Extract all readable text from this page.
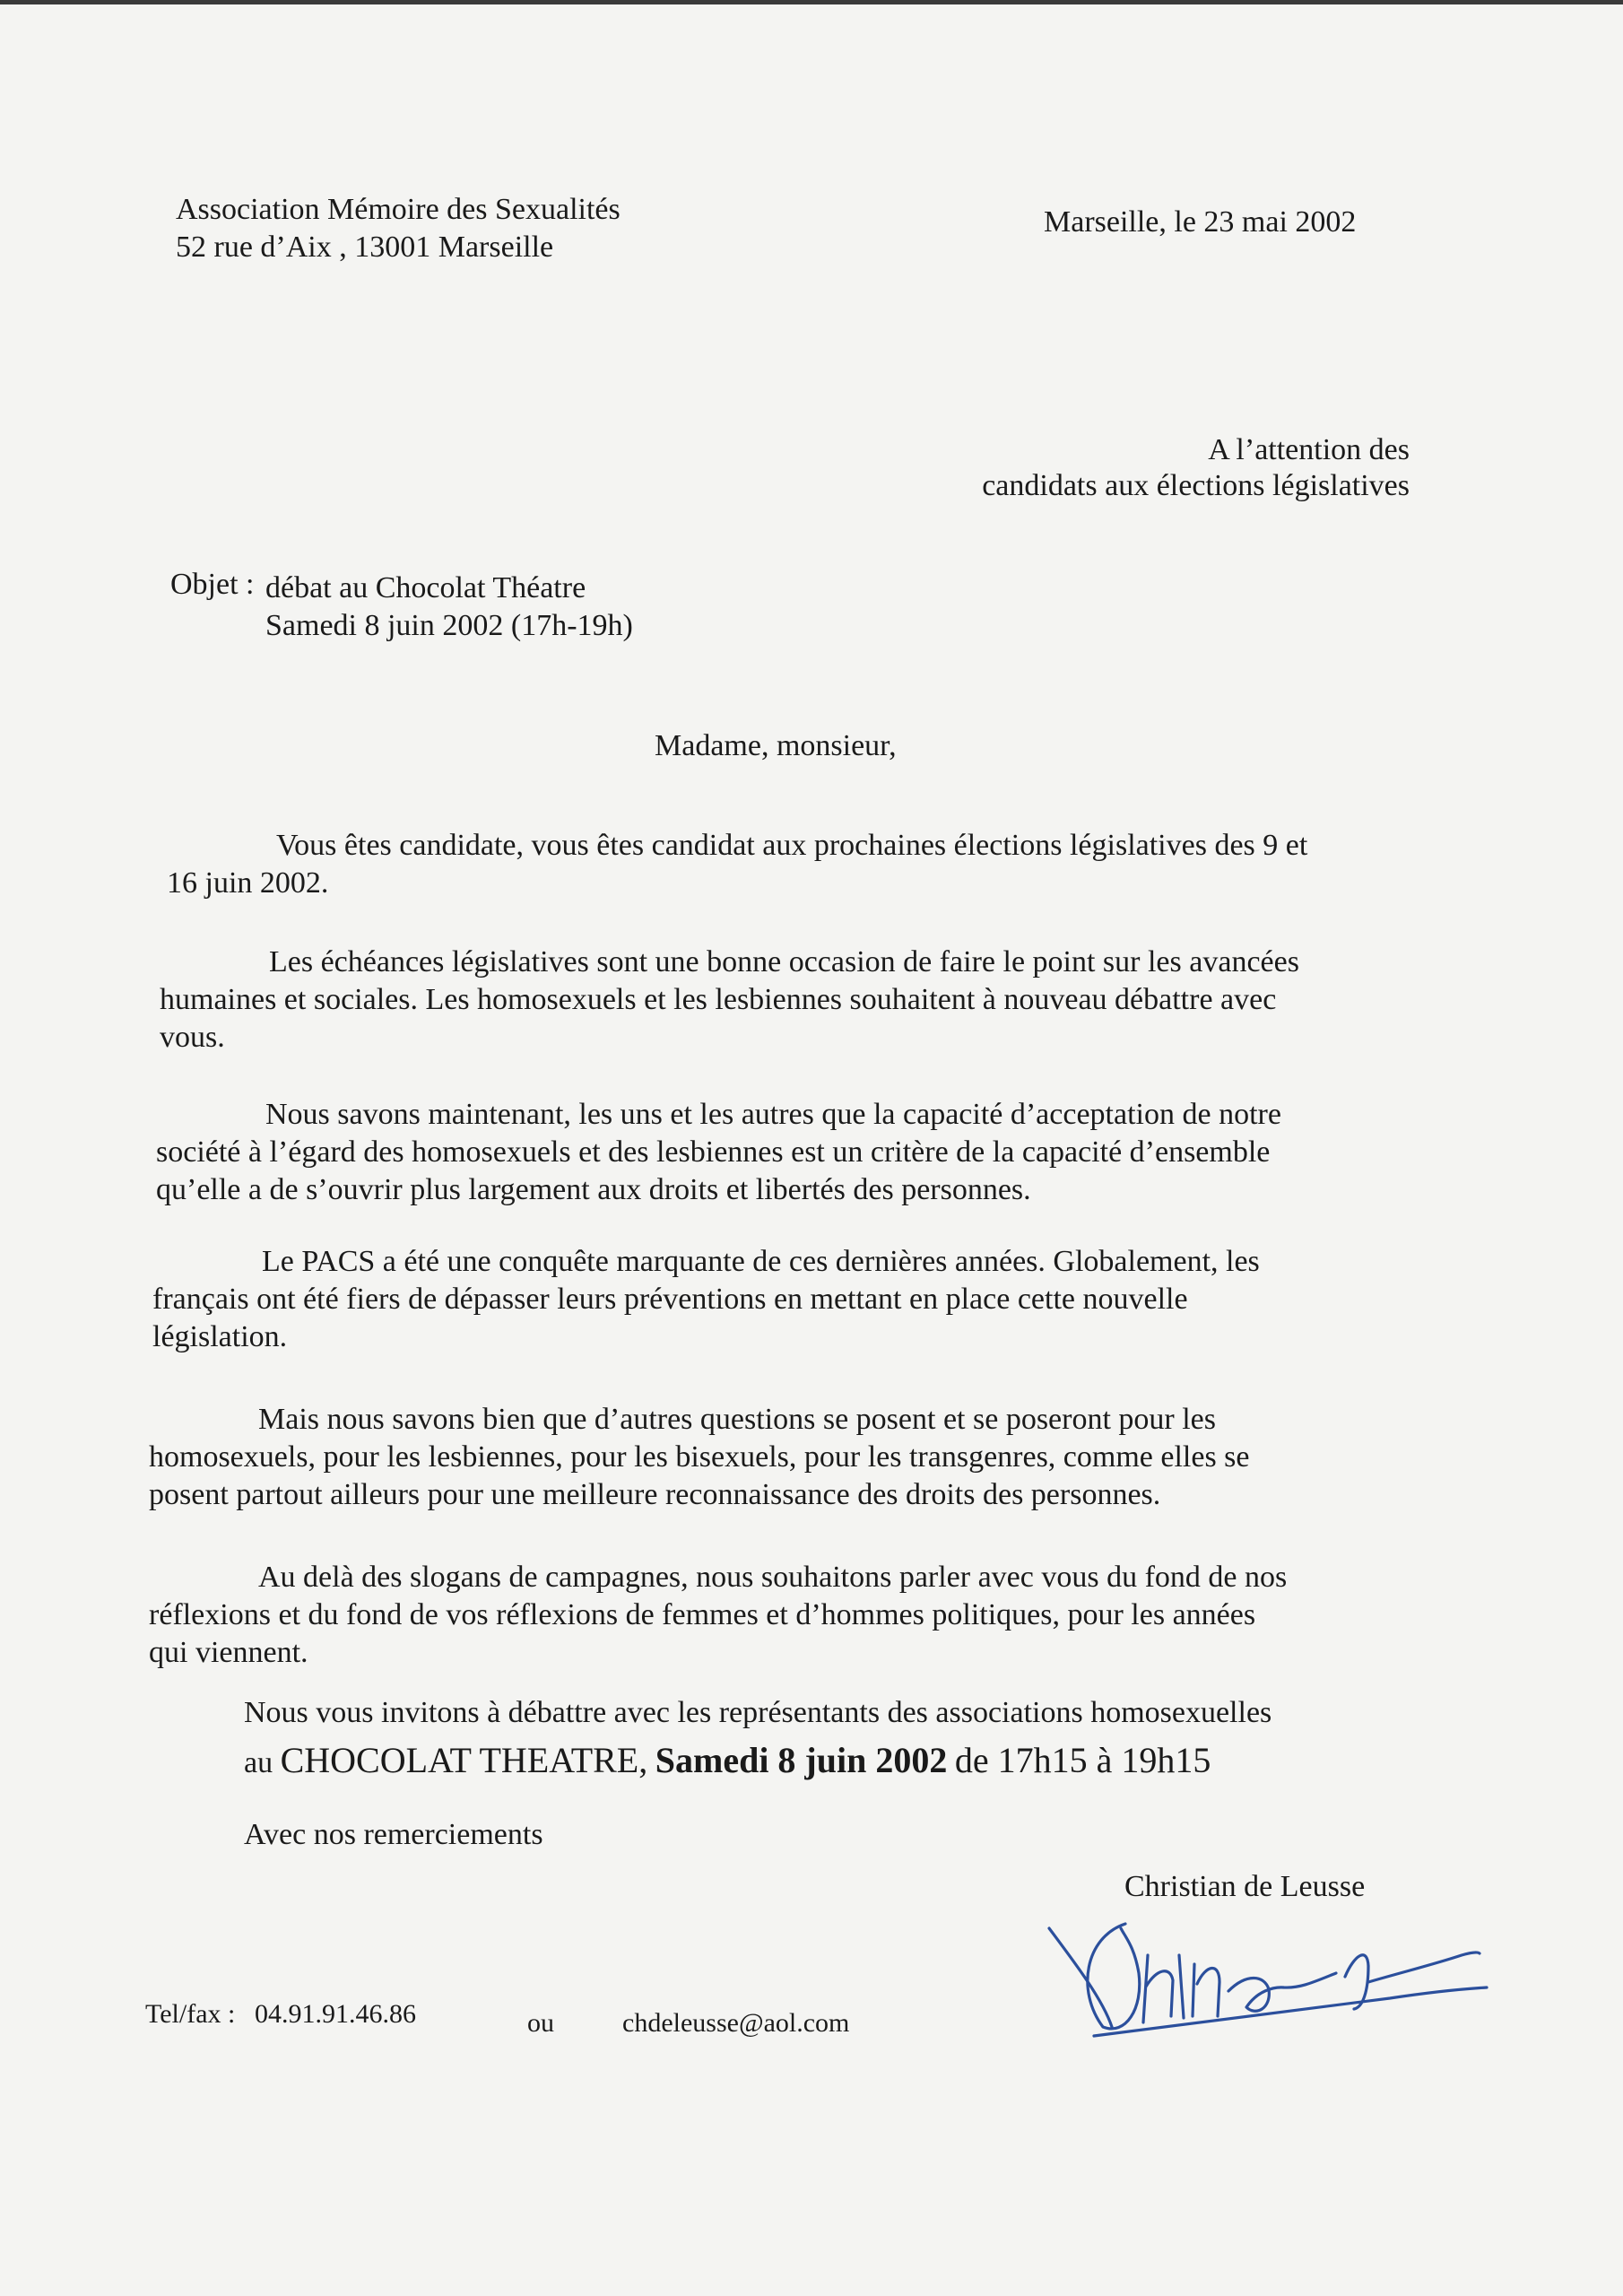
Association Mémoire des Sexualités
52 rue d’Aix , 13001 Marseille
Marseille, le 23 mai 2002
A l’attention des
candidats aux élections législatives
Objet : débat au Chocolat Théatre
Samedi 8 juin 2002 (17h-19h)
Madame, monsieur,
Vous êtes candidate, vous êtes candidat aux prochaines élections législatives des 9 et
16 juin 2002.
Les échéances législatives sont une bonne occasion de faire le point sur les avancées
humaines et sociales. Les homosexuels et les lesbiennes souhaitent à nouveau débattre avec
vous.
Nous savons maintenant, les uns et les autres que la capacité d’acceptation de notre
société à l’égard des homosexuels et des lesbiennes est un critère de la capacité d’ensemble
qu’elle a de s’ouvrir plus largement aux droits et libertés des personnes.
Le PACS a été une conquête marquante de ces dernières années. Globalement, les
français ont été fiers de dépasser leurs préventions en mettant en place cette nouvelle
législation.
Mais nous savons bien que d’autres questions se posent et se poseront pour les
homosexuels, pour les lesbiennes, pour les bisexuels, pour les transgenres, comme elles se
posent partout ailleurs pour une meilleure reconnaissance des droits des personnes.
Au delà des slogans de campagnes, nous souhaitons parler avec vous du fond de nos
réflexions et du fond de vos réflexions de femmes et d’hommes politiques, pour les années
qui viennent.
Nous vous invitons à débattre avec les représentants des associations homosexuelles
au CHOCOLAT THEATRE, Samedi 8 juin 2002 de 17h15 à 19h15
Avec nos remerciements
Christian de Leusse
Tel/fax : 04.91.91.46.86	ou	chdeleusse@aol.com
